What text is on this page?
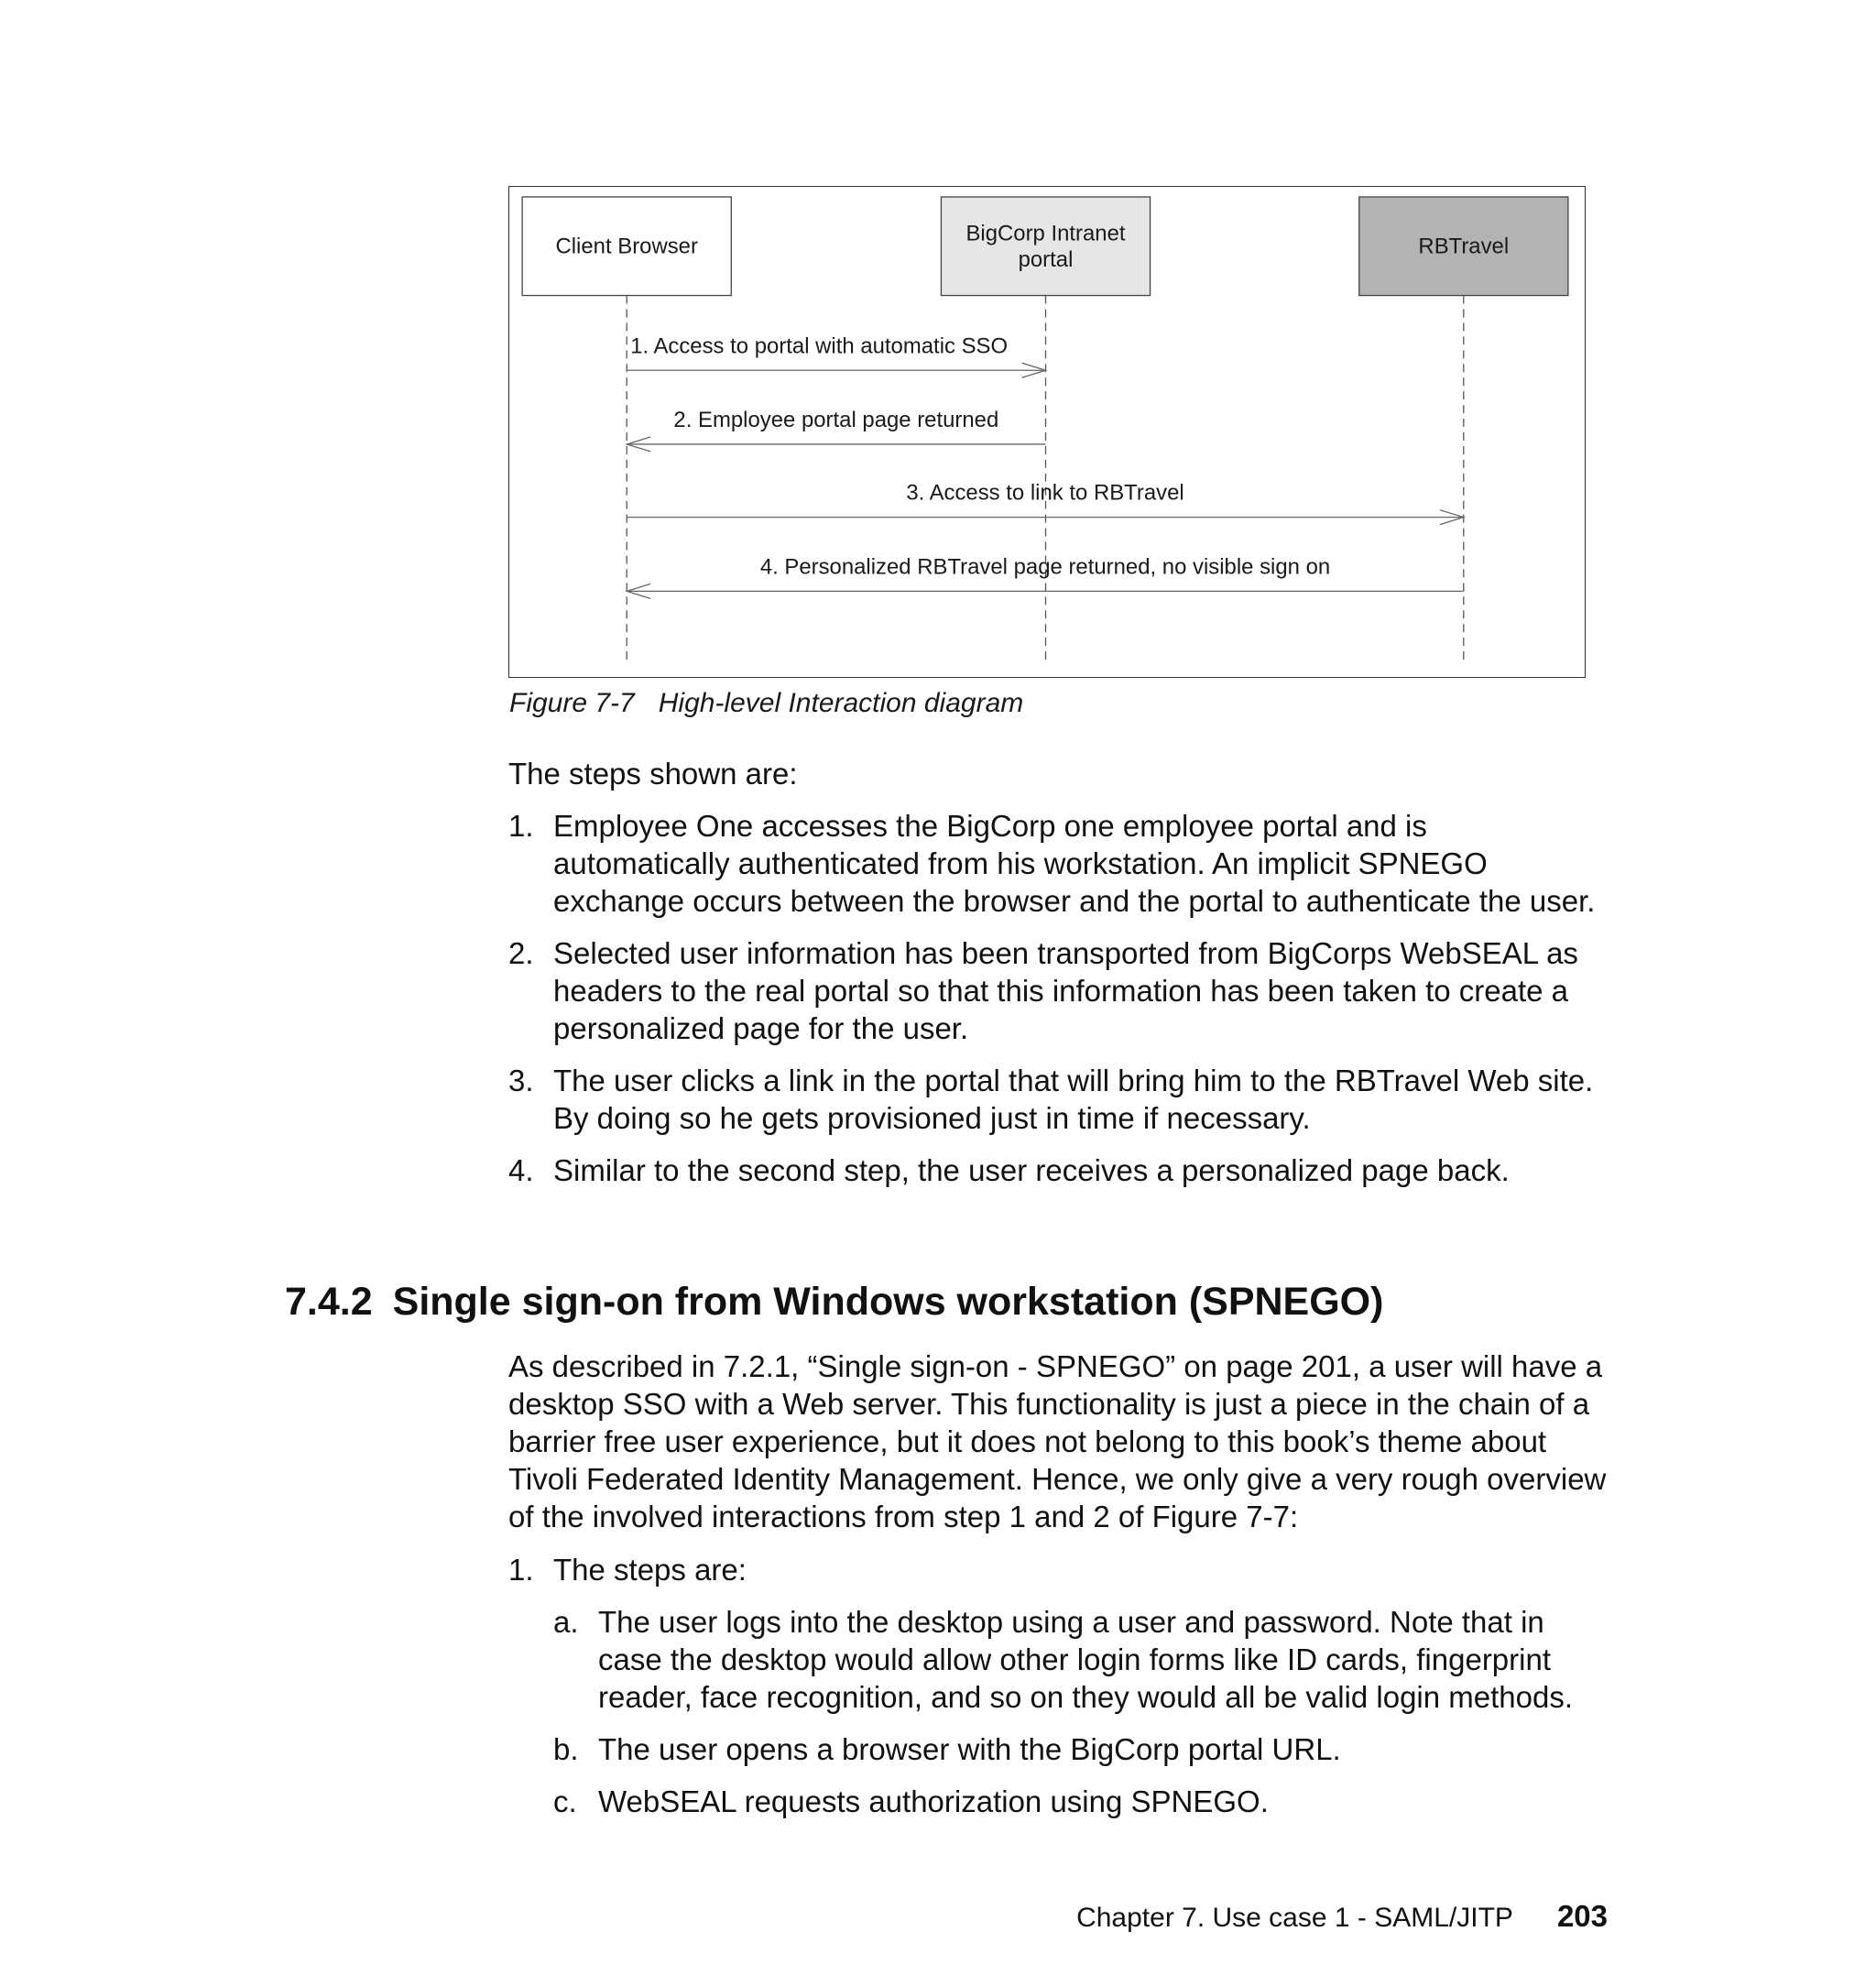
Client Browser
BigCorp Intranet
portal
RBTravel
1. Access to portal with automatic SSO
2. Employee portal page returned
3. Access to link to RBTravel
4. Personalized RBTravel page returned, no visible sign on
Figure 7-7 High-level Interaction diagram

The steps shown are:

1. Employee One accesses the BigCorp one employee portal and is automatically authenticated from his workstation. An implicit SPNEGO exchange occurs between the browser and the portal to authenticate the user.
2. Selected user information has been transported from BigCorps WebSEAL as headers to the real portal so that this information has been taken to create a personalized page for the user.
3. The user clicks a link in the portal that will bring him to the RBTravel Web site. By doing so he gets provisioned just in time if necessary.
4. Similar to the second step, the user receives a personalized page back.
7.4.2 Single sign-on from Windows workstation (SPNEGO)

As described in 7.2.1, “Single sign-on - SPNEGO” on page 201, a user will have a desktop SSO with a Web server. This functionality is just a piece in the chain of a barrier free user experience, but it does not belong to this book’s theme about Tivoli Federated Identity Management. Hence, we only give a very rough overview of the involved interactions from step 1 and 2 of Figure 7-7:

1. The steps are:
a. The user logs into the desktop using a user and password. Note that in case the desktop would allow other login forms like ID cards, fingerprint reader, face recognition, and so on they would all be valid login methods.
b. The user opens a browser with the BigCorp portal URL.
c. WebSEAL requests authorization using SPNEGO.
Chapter 7. Use case 1 - SAML/JITP 203
